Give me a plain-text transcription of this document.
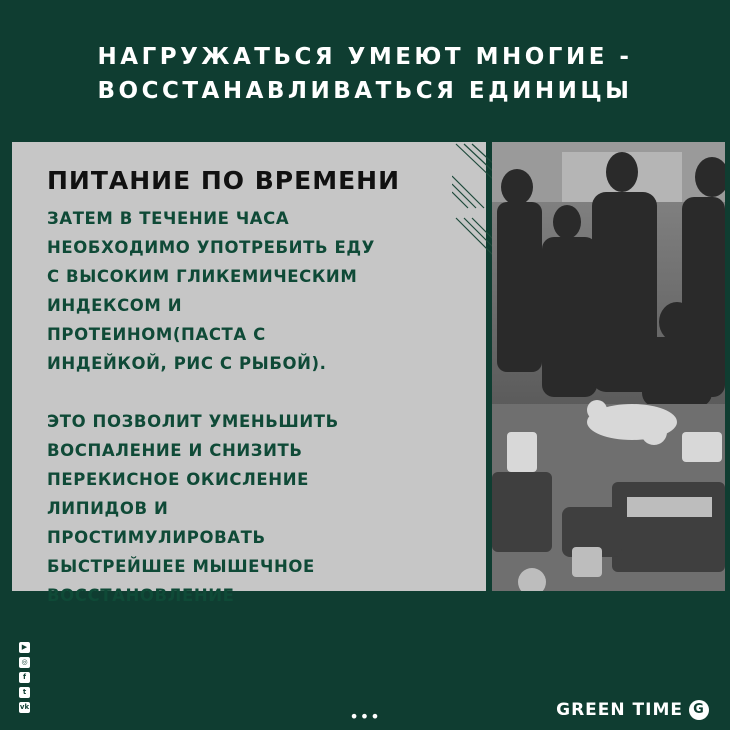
НАГРУЖАТЬСЯ УМЕЮТ МНОГИЕ -
ВОССТАНАВЛИВАТЬСЯ ЕДИНИЦЫ
ПИТАНИЕ ПО ВРЕМЕНИ

ЗАТЕМ В ТЕЧЕНИЕ ЧАСА
НЕОБХОДИМО УПОТРЕБИТЬ ЕДУ
С ВЫСОКИМ ГЛИКЕМИЧЕСКИМ
ИНДЕКСОМ И
ПРОТЕИНОМ(ПАСТА С
ИНДЕЙКОЙ, РИС С РЫБОЙ).

ЭТО ПОЗВОЛИТ УМЕНЬШИТЬ
ВОСПАЛЕНИЕ И СНИЗИТЬ
ПЕРЕКИСНОЕ ОКИСЛЕНИЕ
ЛИПИДОВ И
ПРОСТИМУЛИРОВАТЬ
БЫСТРЕЙШЕЕ МЫШЕЧНОЕ
ВОССТАНОВЛЕНИЕ

▶
◎
f
t
vk	•••	GREEN TIME G
